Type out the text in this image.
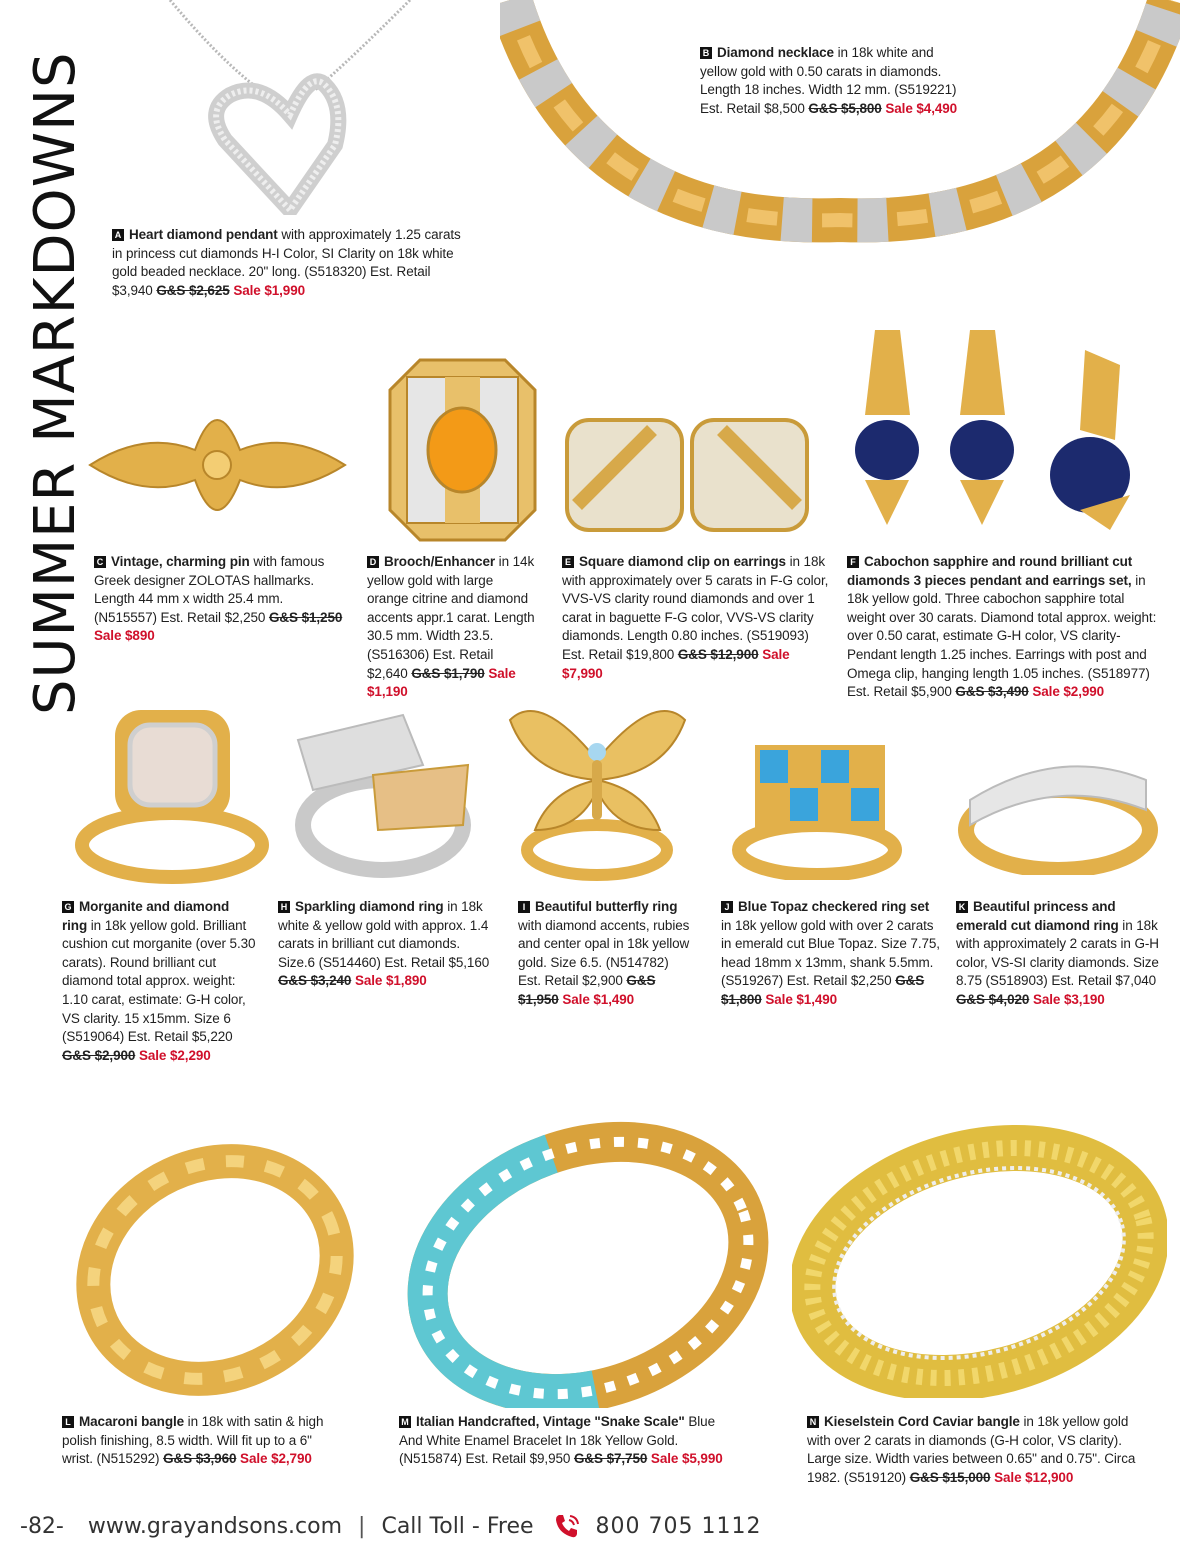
SUMMER MARKDOWNS	B Diamond necklace in 18k white and yellow gold with 0.50 carats in diamonds. Length 18 inches. Width 12 mm. (S519221) Est. Retail $8,500 G&S $5,800 Sale $4,490
A Heart diamond pendant with approximately 1.25 carats in princess cut diamonds H-I Color, SI Clarity on 18k white gold beaded necklace. 20" long. (S518320) Est. Retail $3,940 G&S $2,625 Sale $1,990
C Vintage, charming pin with famous Greek designer ZOLOTAS hallmarks. Length 44 mm x width 25.4 mm. (N515557) Est. Retail $2,250 G&S $1,250 Sale $890
D Brooch/Enhancer in 14k yellow gold with large orange citrine and diamond accents appr.1 carat. Length 30.5 mm. Width 23.5. (S516306) Est. Retail $2,640 G&S $1,790 Sale $1,190
E Square diamond clip on earrings in 18k with approximately over 5 carats in F-G color, VVS-VS clarity round diamonds and over 1 carat in baguette F-G color, VVS-VS clarity diamonds. Length 0.80 inches. (S519093) Est. Retail $19,800 G&S $12,900 Sale $7,990
F Cabochon sapphire and round brilliant cut diamonds 3 pieces pendant and earrings set, in 18k yellow gold. Three cabochon sapphire total weight over 30 carats. Diamond total approx. weight: over 0.50 carat, estimate G-H color, VS clarity- Pendant length 1.25 inches. Earrings with post and Omega clip, hanging length 1.05 inches. (S518977) Est. Retail $5,900 G&S $3,490 Sale $2,990
G Morganite and diamond ring in 18k yellow gold. Brilliant cushion cut morganite (over 5.30 carats). Round brilliant cut diamond total approx. weight: 1.10 carat, estimate: G-H color, VS clarity. 15 x15mm. Size 6 (S519064) Est. Retail $5,220 G&S $2,900 Sale $2,290
H Sparkling diamond ring in 18k white & yellow gold with approx. 1.4 carats in brilliant cut diamonds. Size.6 (S514460) Est. Retail $5,160 G&S $3,240 Sale $1,890
I Beautiful butterfly ring with diamond accents, rubies and center opal in 18k yellow gold. Size 6.5. (N514782) Est. Retail $2,900 G&S $1,950 Sale $1,490
J Blue Topaz checkered ring set in 18k yellow gold with over 2 carats in emerald cut Blue Topaz. Size 7.75, head 18mm x 13mm, shank 5.5mm. (S519267) Est. Retail $2,250 G&S $1,800 Sale $1,490
K Beautiful princess and emerald cut diamond ring in 18k with approximately 2 carats in G-H color, VS-SI clarity diamonds. Size 8.75 (S518903) Est. Retail $7,040 G&S $4,020 Sale $3,190
L Macaroni bangle in 18k with satin & high polish finishing, 8.5 width. Will fit up to a 6" wrist. (N515292) G&S $3,960 Sale $2,790
M Italian Handcrafted, Vintage "Snake Scale" Blue And White Enamel Bracelet In 18k Yellow Gold. (N515874) Est. Retail $9,950 G&S $7,750 Sale $5,990
N Kieselstein Cord Caviar bangle in 18k yellow gold with over 2 carats in diamonds (G-H color, VS clarity). Large size. Width varies between 0.65" and 0.75". Circa 1982. (S519120) G&S $15,000 Sale $12,900
-82- www.grayandsons.com | Call Toll - Free	800 705 1112
